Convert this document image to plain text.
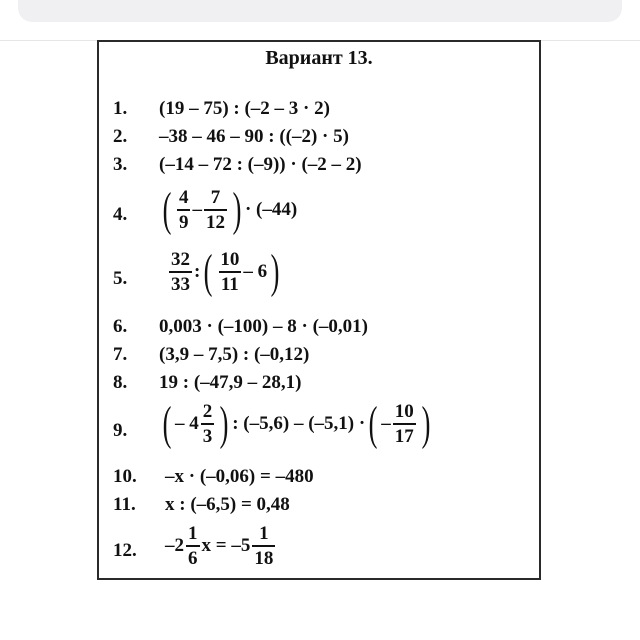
Вариант 13.
1.	(19 – 75) : (–2 – 3 · 2)
2.	–38 – 46 – 90 : ((–2) · 5)
3.	(–14 – 72 : (–9)) · (–2 – 2)
4. ( $\frac{4}{9} - \frac{7}{12}$ ) · (–44)
5.	$\frac{32}{33}$ : ( $\frac{10}{11} - 6$ )
6.	0,003 · (–100) – 8 · (–0,01)
7.	(3,9 – 7,5) : (–0,12)
8.	19 : (–47,9 – 28,1)
9. ( – $4 \frac{2}{3}$ ) : (–5,6) – (–5,1) · ( – $\frac{10}{17}$ )
10.	–x · (–0,06) = –480
11.	x : (–6,5) = 0,48
12.	$-2 \frac{1}{6}$ $x = -5 \frac{1}{18}$
